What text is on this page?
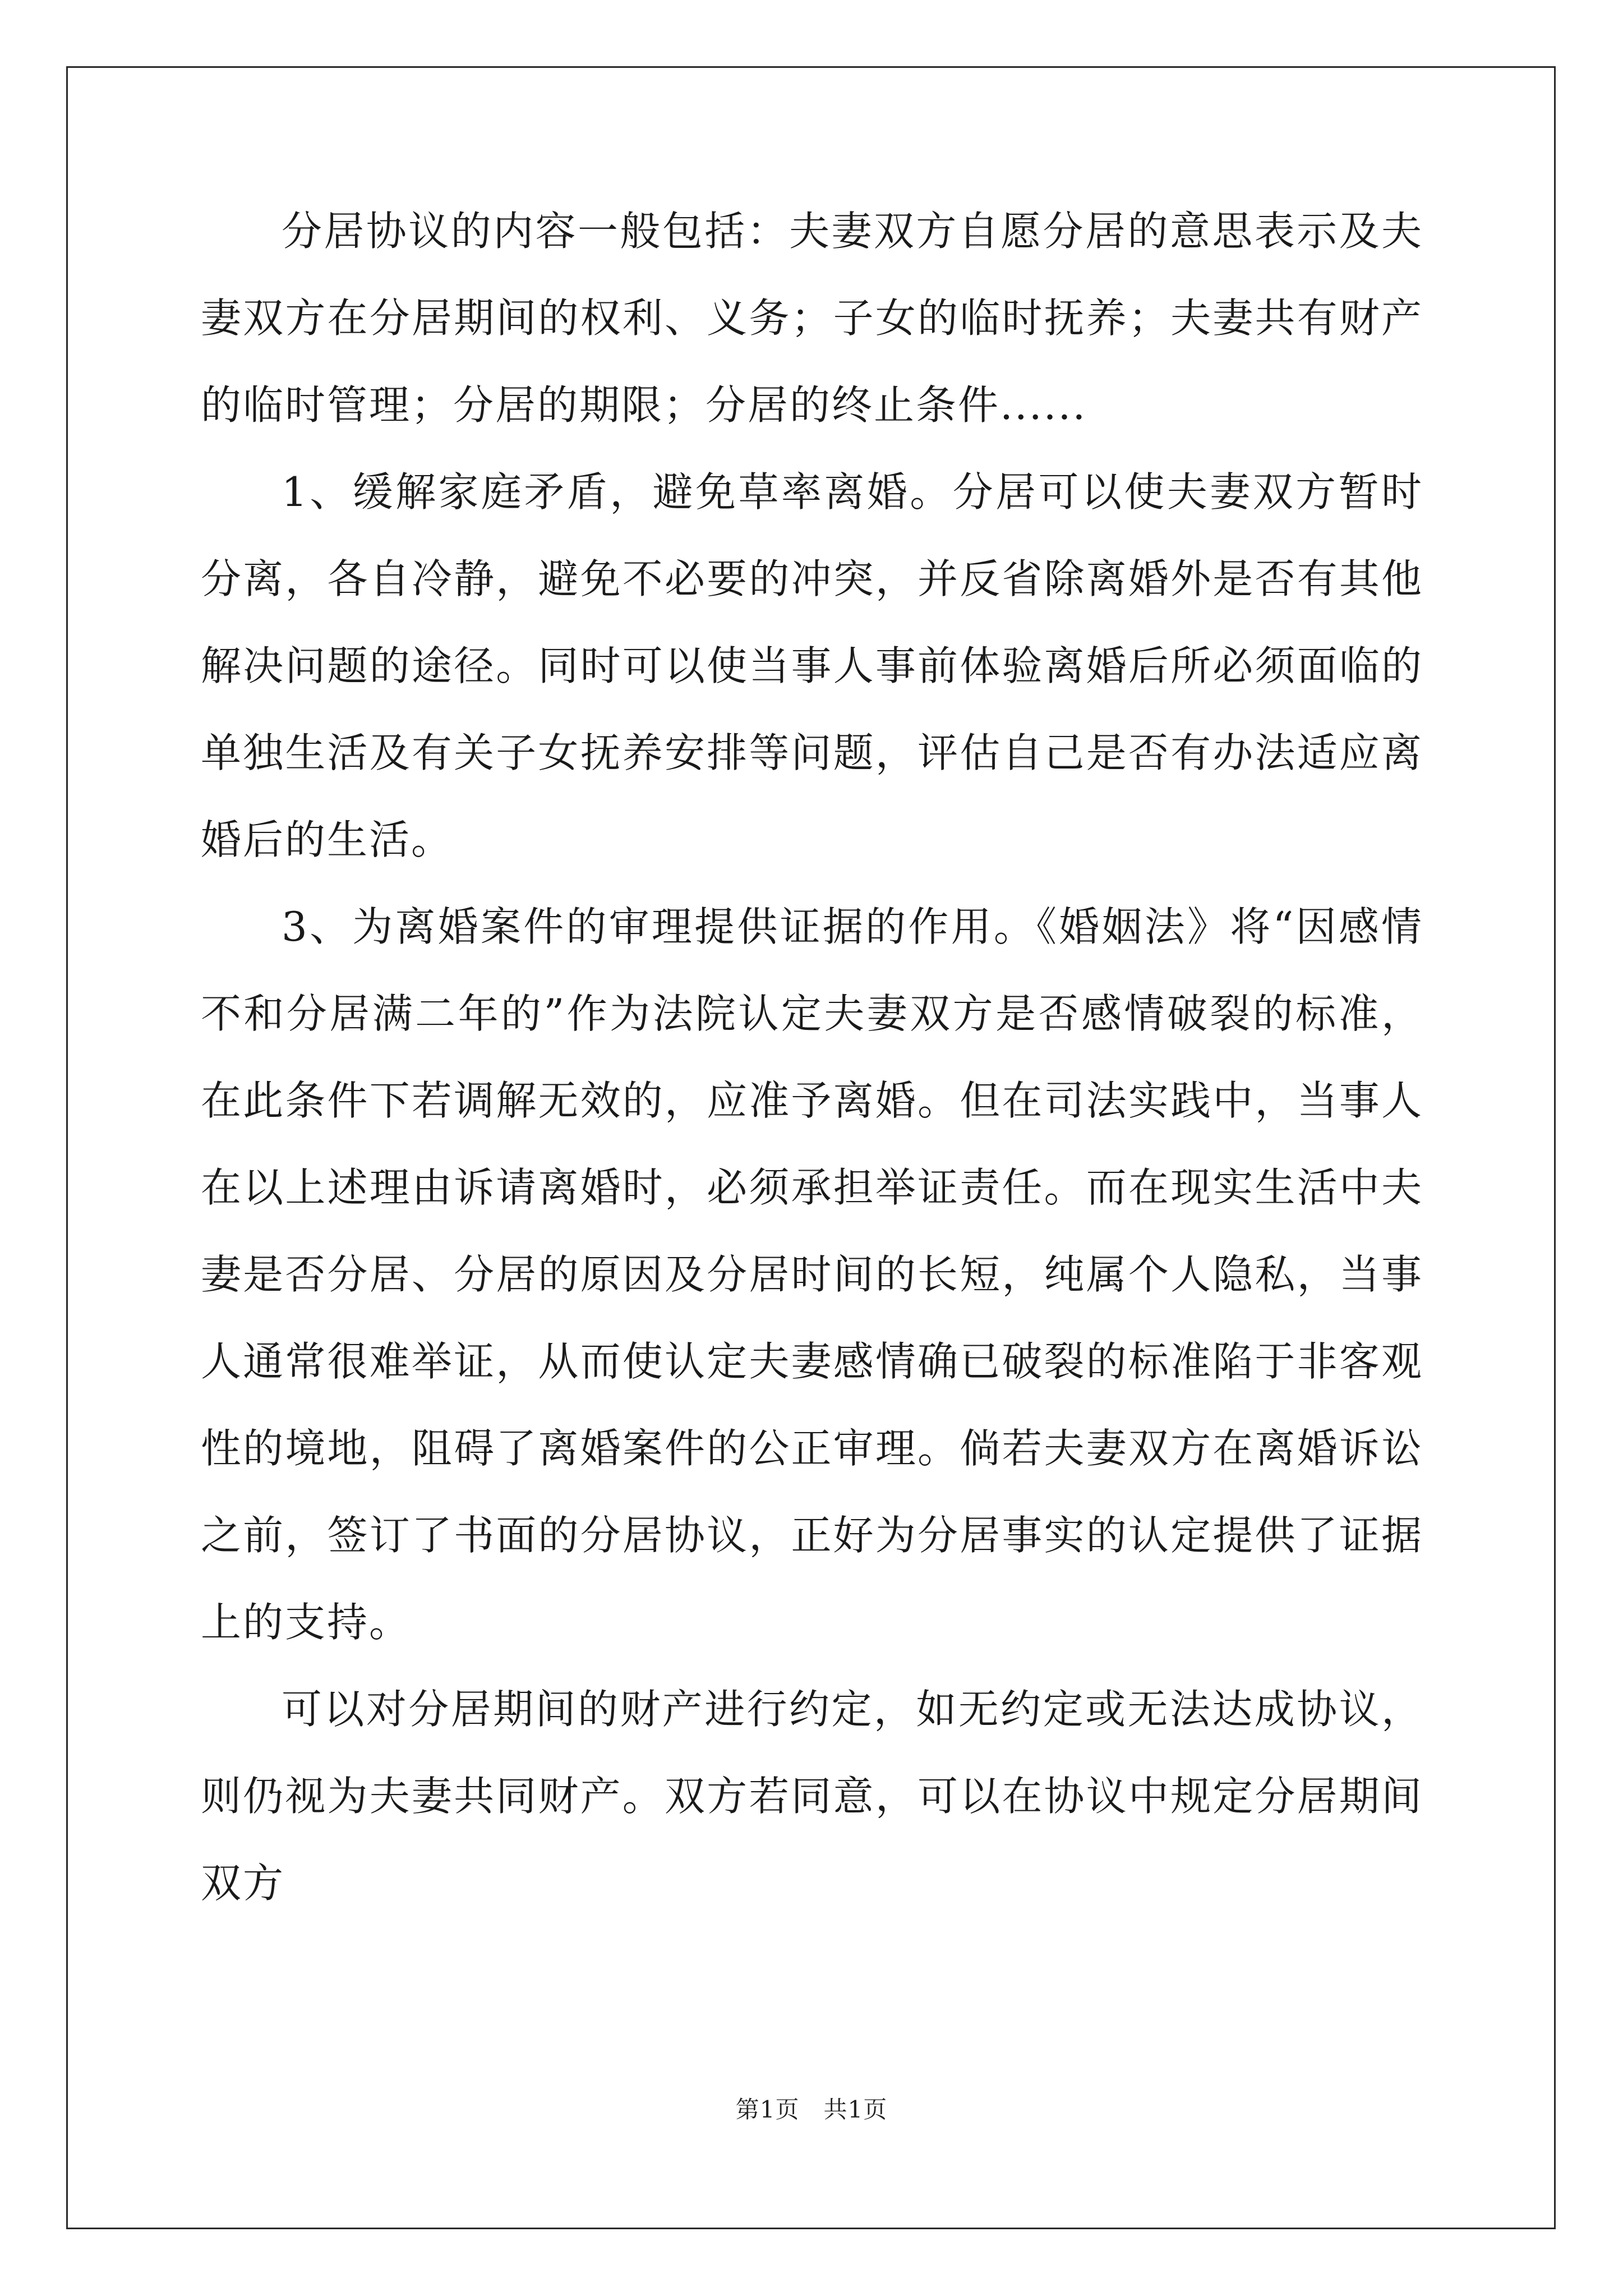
分居协议的内容一般包括：夫妻双方自愿分居的意思表示及夫妻双方在分居期间的权利、义务；子女的临时抚养；夫妻共有财产的临时管理；分居的期限；分居的终止条件......

1、缓解家庭矛盾，避免草率离婚。分居可以使夫妻双方暂时分离，各自冷静，避免不必要的冲突，并反省除离婚外是否有其他解决问题的途径。同时可以使当事人事前体验离婚后所必须面临的单独生活及有关子女抚养安排等问题，评估自己是否有办法适应离婚后的生活。

3、为离婚案件的审理提供证据的作用。《婚姻法》将“因感情不和分居满二年的”作为法院认定夫妻双方是否感情破裂的标准，在此条件下若调解无效的，应准予离婚。但在司法实践中，当事人在以上述理由诉请离婚时，必须承担举证责任。而在现实生活中夫妻是否分居、分居的原因及分居时间的长短，纯属个人隐私，当事人通常很难举证，从而使认定夫妻感情确已破裂的标准陷于非客观性的境地，阻碍了离婚案件的公正审理。倘若夫妻双方在离婚诉讼之前，签订了书面的分居协议，正好为分居事实的认定提供了证据上的支持。

可以对分居期间的财产进行约定，如无约定或无法达成协议，则仍视为夫妻共同财产。双方若同意，可以在协议中规定分居期间双方

第1页　共1页
